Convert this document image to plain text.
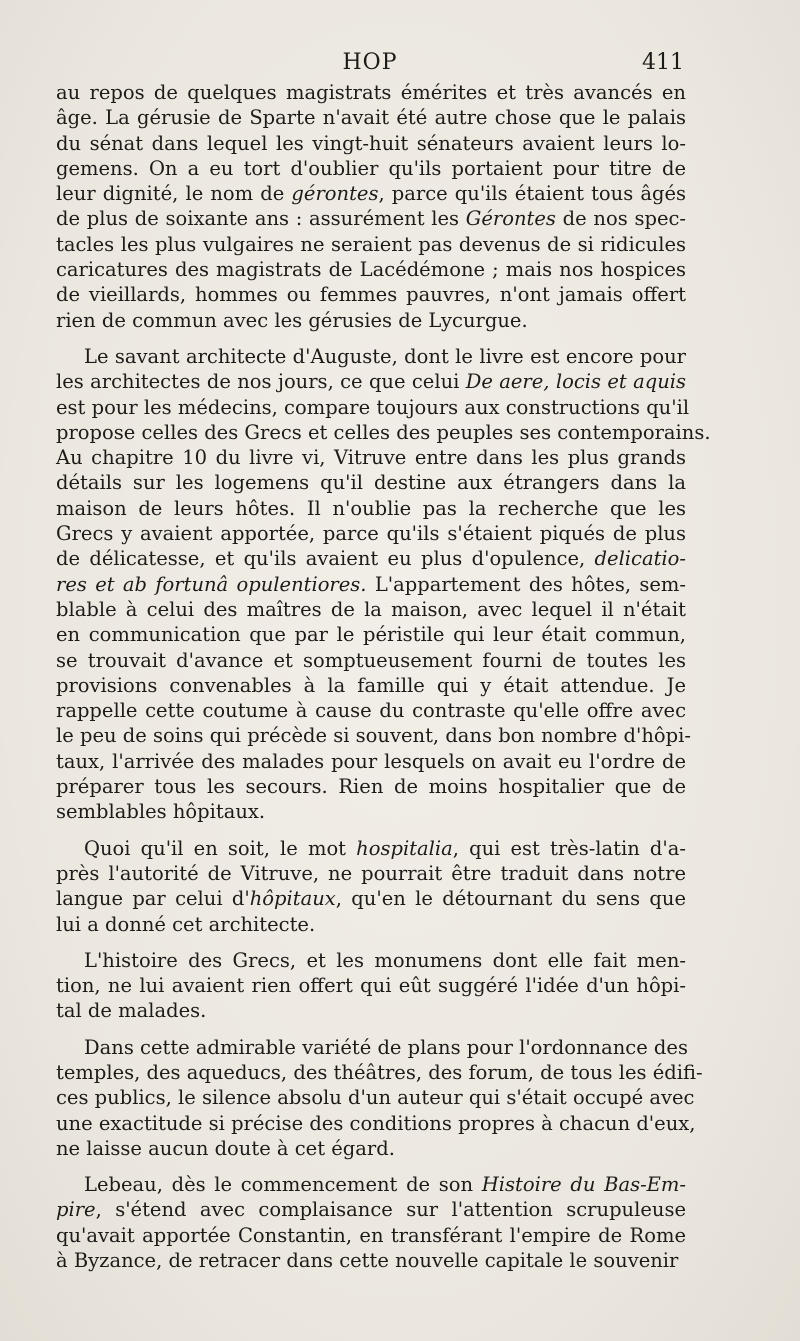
HOP	411
au repos de quelques magistrats émérites et très avancés en
âge. La gérusie de Sparte n'avait été autre chose que le palais
du sénat dans lequel les vingt-huit sénateurs avaient leurs lo-
gemens. On a eu tort d'oublier qu'ils portaient pour titre de
leur dignité, le nom de gérontes, parce qu'ils étaient tous âgés
de plus de soixante ans : assurément les Gérontes de nos spec-
tacles les plus vulgaires ne seraient pas devenus de si ridicules
caricatures des magistrats de Lacédémone ; mais nos hospices
de vieillards, hommes ou femmes pauvres, n'ont jamais offert
rien de commun avec les gérusies de Lycurgue.
Le savant architecte d'Auguste, dont le livre est encore pour
les architectes de nos jours, ce que celui De aere, locis et aquis
est pour les médecins, compare toujours aux constructions qu'il
propose celles des Grecs et celles des peuples ses contemporains.
Au chapitre 10 du livre vi, Vitruve entre dans les plus grands
détails sur les logemens qu'il destine aux étrangers dans la
maison de leurs hôtes. Il n'oublie pas la recherche que les
Grecs y avaient apportée, parce qu'ils s'étaient piqués de plus
de délicatesse, et qu'ils avaient eu plus d'opulence, delicatio-
res et ab fortunâ opulentiores. L'appartement des hôtes, sem-
blable à celui des maîtres de la maison, avec lequel il n'était
en communication que par le péristile qui leur était commun,
se trouvait d'avance et somptueusement fourni de toutes les
provisions convenables à la famille qui y était attendue. Je
rappelle cette coutume à cause du contraste qu'elle offre avec
le peu de soins qui précède si souvent, dans bon nombre d'hôpi-
taux, l'arrivée des malades pour lesquels on avait eu l'ordre de
préparer tous les secours. Rien de moins hospitalier que de
semblables hôpitaux.
Quoi qu'il en soit, le mot hospitalia, qui est très-latin d'a-
près l'autorité de Vitruve, ne pourrait être traduit dans notre
langue par celui d'hôpitaux, qu'en le détournant du sens que
lui a donné cet architecte.
L'histoire des Grecs, et les monumens dont elle fait men-
tion, ne lui avaient rien offert qui eût suggéré l'idée d'un hôpi-
tal de malades.
Dans cette admirable variété de plans pour l'ordonnance des
temples, des aqueducs, des théâtres, des forum, de tous les édifi-
ces publics, le silence absolu d'un auteur qui s'était occupé avec
une exactitude si précise des conditions propres à chacun d'eux,
ne laisse aucun doute à cet égard.
Lebeau, dès le commencement de son Histoire du Bas-Em-
pire, s'étend avec complaisance sur l'attention scrupuleuse
qu'avait apportée Constantin, en transférant l'empire de Rome
à Byzance, de retracer dans cette nouvelle capitale le souvenir
